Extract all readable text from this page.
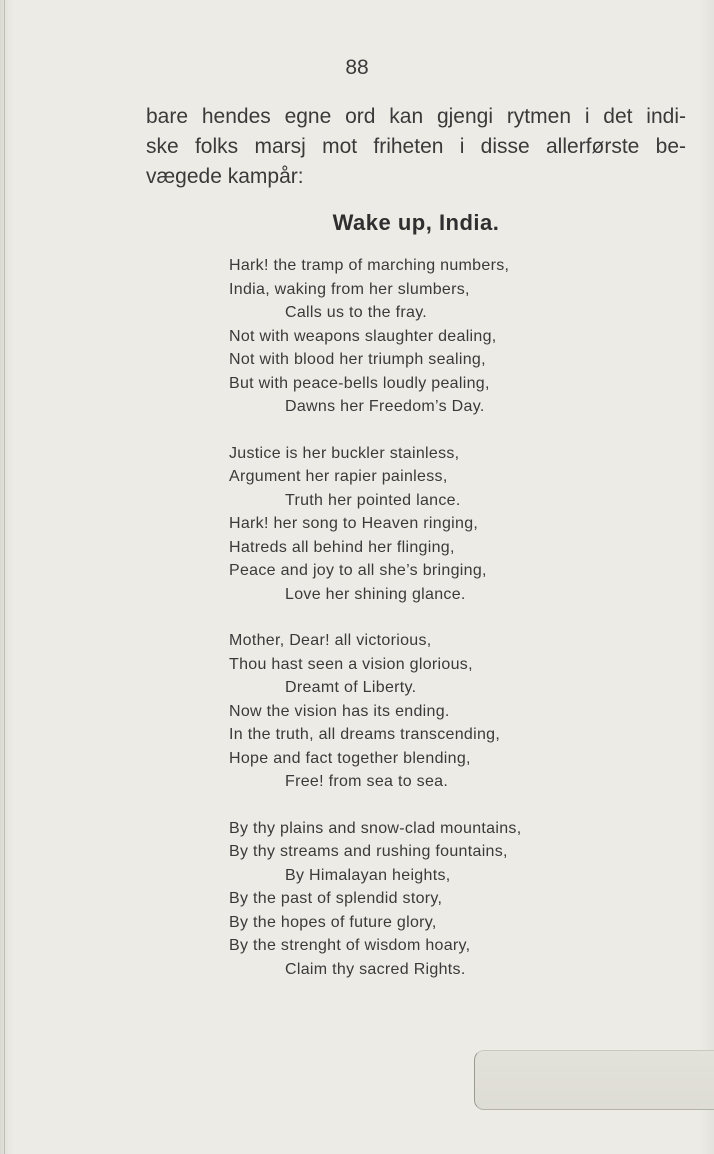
88

bare hendes egne ord kan gjengi rytmen i det indi-
ske folks marsj mot friheten i disse allerførste be-
vægede kampår:

Wake up, India.
Hark! the tramp of marching numbers,
India, waking from her slumbers,
Calls us to the fray.
Not with weapons slaughter dealing,
Not with blood her triumph sealing,
But with peace-bells loudly pealing,
Dawns her Freedom’s Day.
Justice is her buckler stainless,
Argument her rapier painless,
Truth her pointed lance.
Hark! her song to Heaven ringing,
Hatreds all behind her flinging,
Peace and joy to all she’s bringing,
Love her shining glance.
Mother, Dear! all victorious,
Thou hast seen a vision glorious,
Dreamt of Liberty.
Now the vision has its ending.
In the truth, all dreams transcending,
Hope and fact together blending,
Free! from sea to sea.
By thy plains and snow-clad mountains,
By thy streams and rushing fountains,
By Himalayan heights,
By the past of splendid story,
By the hopes of future glory,
By the strenght of wisdom hoary,
Claim thy sacred Rights.
